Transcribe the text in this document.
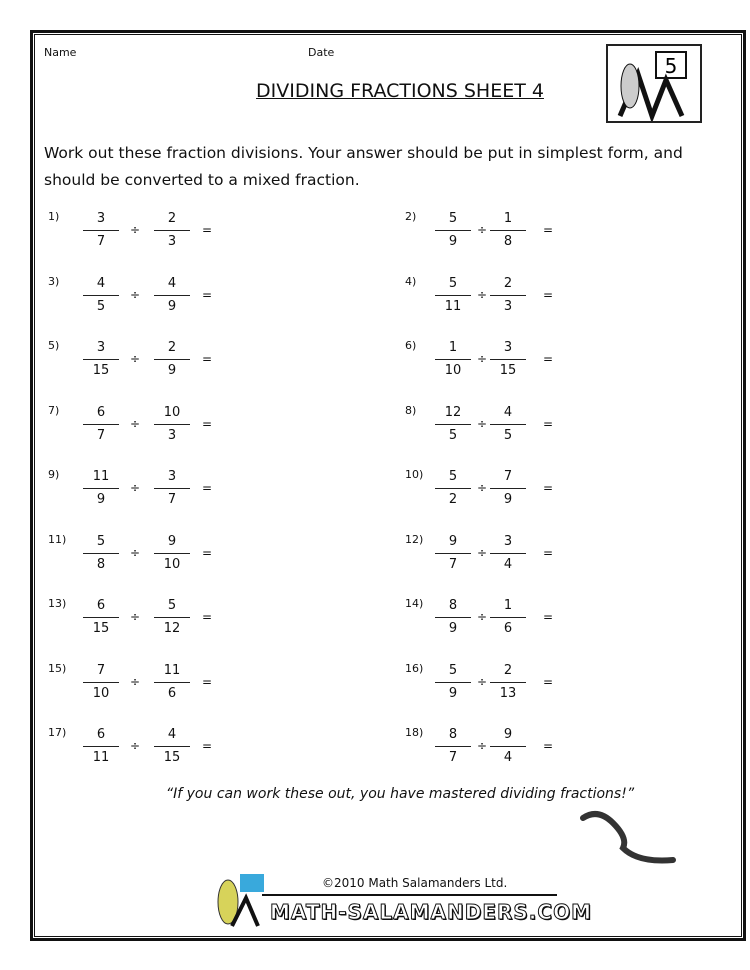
Name	Date
DIVIDING FRACTIONS SHEET 4
5
Work out these fraction divisions. Your answer should be put in simplest form, and should be converted to a mixed fraction.
$1) \frac{3}{7} \div \frac{2}{3}$ =
$2) \frac{5}{9} \div \frac{1}{8}$ =
$3) \frac{4}{5} \div \frac{4}{9}$ =
$4) \frac{5}{11} \div \frac{2}{3}$ =
$5) \frac{3}{15} \div \frac{2}{9}$ =
$6) \frac{1}{10} \div \frac{3}{15}$ =
$7) \frac{6}{7} \div \frac{10}{3}$ =
$8) \frac{12}{5} \div \frac{4}{5}$ =
$9) \frac{11}{9} \div \frac{3}{7}$ =
$10) \frac{5}{2} \div \frac{7}{9}$ =
$11) \frac{5}{8} \div \frac{9}{10}$ =
$12) \frac{9}{7} \div \frac{3}{4}$ =
$13) \frac{6}{15} \div \frac{5}{12}$ =
$14) \frac{8}{9} \div \frac{1}{6}$ =
$15) \frac{7}{10} \div \frac{11}{6}$ =
$16) \frac{5}{9} \div \frac{2}{13}$ =
$17) \frac{6}{11} \div \frac{4}{15}$ =
$18) \frac{8}{7} \div \frac{9}{4}$ =
“If you can work these out, you have mastered dividing fractions!”
©2010 Math Salamanders Ltd.
MATH-SALAMANDERS.COM
